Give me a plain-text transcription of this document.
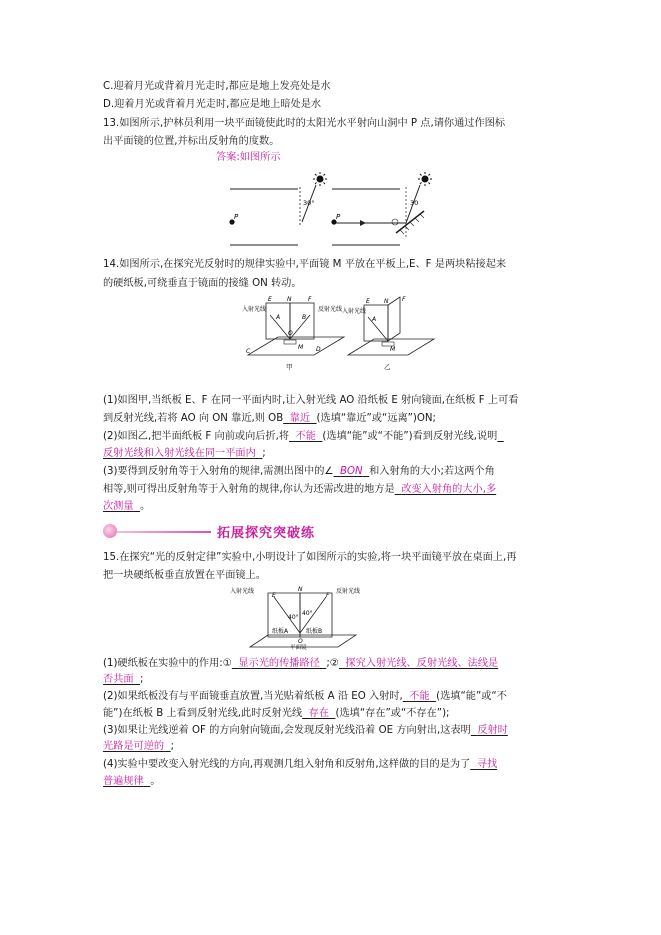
C.迎着月光或背着月光走时,都应是地上发亮处是水
D.迎着月光或背着月光走时,都应是地上暗处是水
13.如图所示,护林员利用一块平面镜使此时的太阳光水平射向山洞中 P 点,请你通过作图标
出平面镜的位置,并标出反射角的度数。
答案:如图所示
P
30°
P
30
14.如图所示,在探究光反射时的规律实验中,平面镜 M 平放在平板上,E、F 是两块粘接起来
的硬纸板,可绕垂直于镜面的接缝 ON 转动。
入射光线	反射光线
E	N	F
A	B
O
C	D
M
甲
入射光线
E N F
A
M
乙
(1)如图甲,当纸板 E、F 在同一平面内时,让入射光线 AO 沿纸板 E 射向镜面,在纸板 F 上可看
到反射光线,若将 AO 向 ON 靠近,则 OB 靠近 (选填“靠近”或“远离”)ON;
(2)如图乙,把半面纸板 F 向前或向后折,将 不能 (选填“能”或“不能”)看到反射光线,说明
反射光线和入射光线在同一平面内 ;
(3)要得到反射角等于入射角的规律,需测出图中的∠ BON 和入射角的大小;若这两个角
相等,则可得出反射角等于入射角的规律,你认为还需改进的地方是 改变入射角的大小,多
次测量 。
拓展探究突破练
15.在探究“光的反射定律”实验中,小明设计了如图所示的实验,将一块平面镜平放在桌面上,再
把一块硬纸板垂直放置在平面镜上。
入射光线	反射光线
40°
40°
E
N
F
纸板A	纸板B
O
平面镜
(1)硬纸板在实验中的作用:① 显示光的传播路径 ;② 探究入射光线、反射光线、法线是
否共面 ;
(2)如果纸板没有与平面镜垂直放置,当光贴着纸板 A 沿 EO 入射时, 不能 (选填“能”或“不
能”)在纸板 B 上看到反射光线,此时反射光线 存在 (选填“存在”或“不存在”);
(3)如果让光线逆着 OF 的方向射向镜面,会发现反射光线沿着 OE 方向射出,这表明 反射时
光路是可逆的 ;
(4)实验中要改变入射光线的方向,再观测几组入射角和反射角,这样做的目的是为了 寻找
普遍规律 。
